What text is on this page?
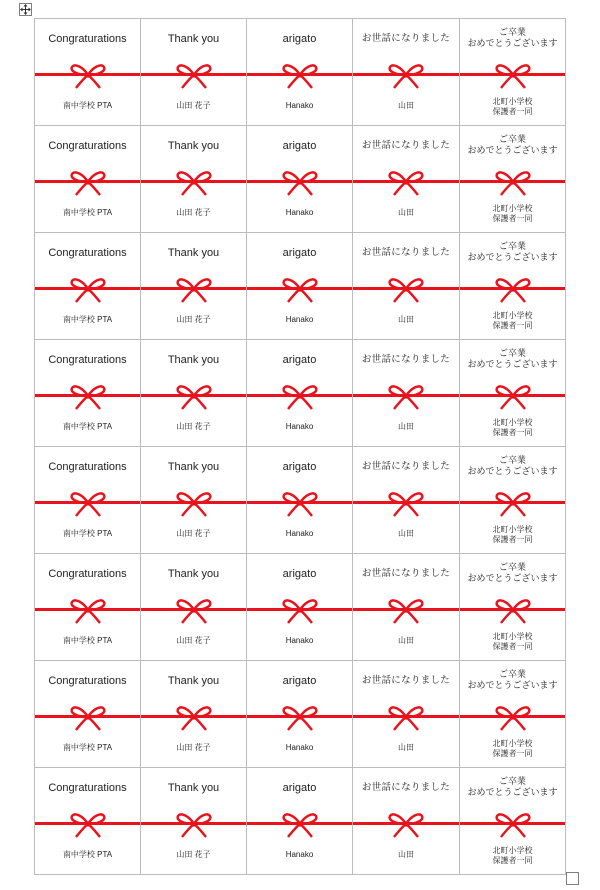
Congraturations
南中学校 PTA
Thank you
山田 花子
arigato
Hanako
お世話になりました
山田
ご卒業
おめでとうございます
北町小学校
保護者一同
Congraturations
南中学校 PTA
Thank you
山田 花子
arigato
Hanako
お世話になりました
山田
ご卒業
おめでとうございます
北町小学校
保護者一同
Congraturations
南中学校 PTA
Thank you
山田 花子
arigato
Hanako
お世話になりました
山田
ご卒業
おめでとうございます
北町小学校
保護者一同
Congraturations
南中学校 PTA
Thank you
山田 花子
arigato
Hanako
お世話になりました
山田
ご卒業
おめでとうございます
北町小学校
保護者一同
Congraturations
南中学校 PTA
Thank you
山田 花子
arigato
Hanako
お世話になりました
山田
ご卒業
おめでとうございます
北町小学校
保護者一同
Congraturations
南中学校 PTA
Thank you
山田 花子
arigato
Hanako
お世話になりました
山田
ご卒業
おめでとうございます
北町小学校
保護者一同
Congraturations
南中学校 PTA
Thank you
山田 花子
arigato
Hanako
お世話になりました
山田
ご卒業
おめでとうございます
北町小学校
保護者一同
Congraturations
南中学校 PTA
Thank you
山田 花子
arigato
Hanako
お世話になりました
山田
ご卒業
おめでとうございます
北町小学校
保護者一同
